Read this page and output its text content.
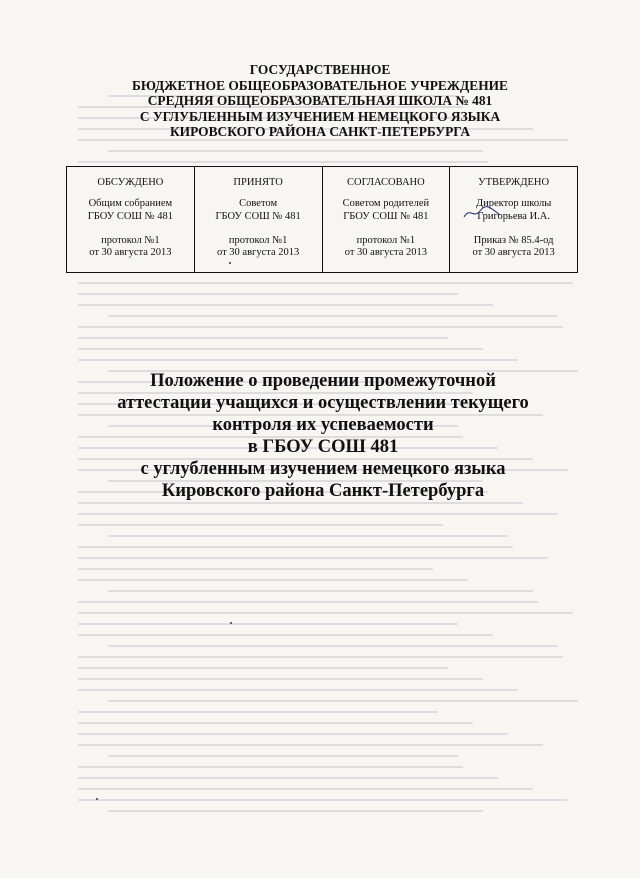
ГОСУДАРСТВЕННОЕ
БЮДЖЕТНОЕ ОБЩЕОБРАЗОВАТЕЛЬНОЕ УЧРЕЖДЕНИЕ
СРЕДНЯЯ ОБЩЕОБРАЗОВАТЕЛЬНАЯ ШКОЛА № 481
С УГЛУБЛЕННЫМ ИЗУЧЕНИЕМ НЕМЕЦКОГО ЯЗЫКА
КИРОВСКОГО РАЙОНА САНКТ-ПЕТЕРБУРГА
ОБСУЖДЕНО
Общим собранием
ГБОУ СОШ № 481
протокол №1
от 30 августа 2013
ПРИНЯТО
Советом
ГБОУ СОШ № 481
протокол №1
от 30 августа 2013
СОГЛАСОВАНО
Советом родителей
ГБОУ СОШ № 481
протокол №1
от 30 августа 2013
УТВЕРЖДЕНО
Директор школы
Григорьева И.А.
Приказ № 85.4-од
от 30 августа 2013
Положение о проведении промежуточной
аттестации учащихся и осуществлении текущего
контроля их успеваемости
в ГБОУ СОШ 481
с углубленным изучением немецкого языка
Кировского района Санкт-Петербурга
